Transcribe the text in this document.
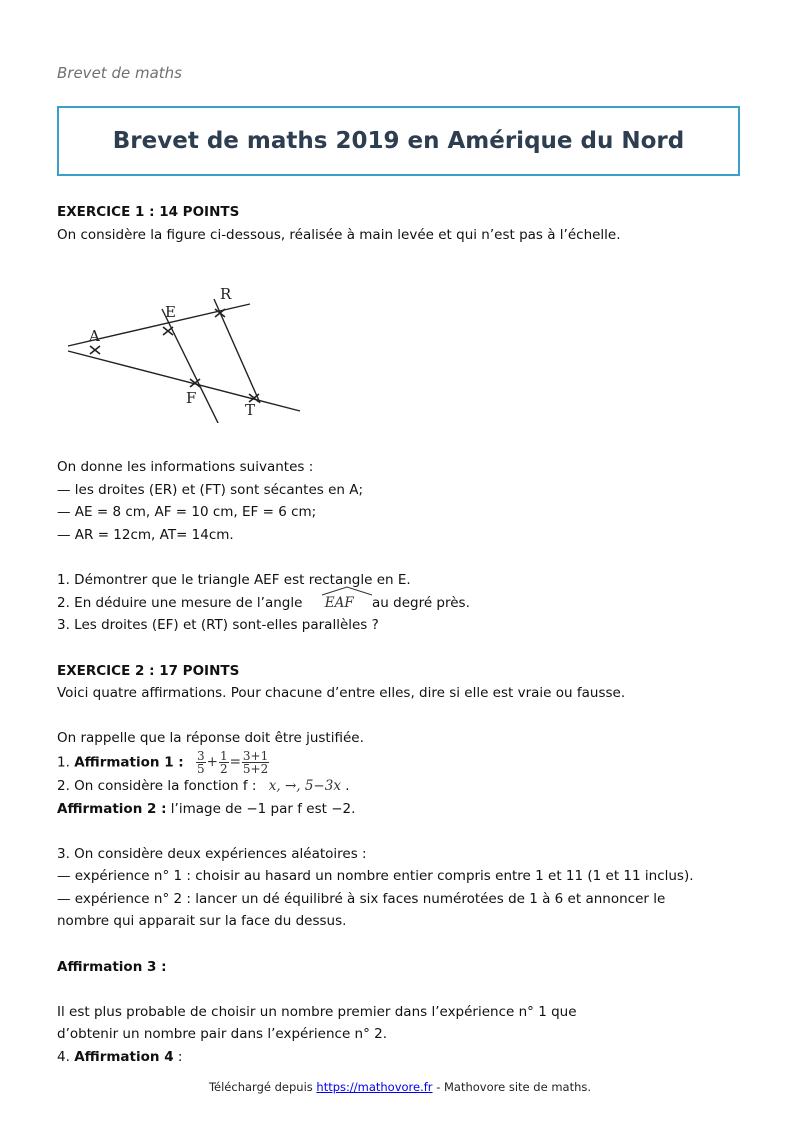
Brevet de maths
Brevet de maths 2019 en Amérique du Nord

EXERCICE 1 : 14 POINTS

On considère la figure ci-dessous, réalisée à main levée et qui n’est pas à l’échelle.

A
E
R
F
T

On donne les informations suivantes :

— les droites (ER) et (FT) sont sécantes en A;

— AE = 8 cm, AF = 10 cm, EF = 6 cm;

— AR = 12cm, AT= 14cm.

1. Démontrer que le triangle AEF est rectangle en E.

2. En déduire une mesure de l’angle EAF au degré près.

3. Les droites (EF) et (RT) sont-elles parallèles ?

EXERCICE 2 : 17 POINTS

Voici quatre affirmations. Pour chacune d’entre elles, dire si elle est vraie ou fausse.

On rappelle que la réponse doit être justifiée.

1. Affirmation 1 : $\frac{3}{5} + \frac{1}{2} = \frac{3+1}{5+2}$

2. On considère la fonction f : x, →, 5−3x .

Affirmation 2 : l’image de −1 par f est −2.

3. On considère deux expériences aléatoires :

— expérience n° 1 : choisir au hasard un nombre entier compris entre 1 et 11 (1 et 11 inclus).

— expérience n° 2 : lancer un dé équilibré à six faces numérotées de 1 à 6 et annoncer le

nombre qui apparait sur la face du dessus.

Affirmation 3 :

Il est plus probable de choisir un nombre premier dans l’expérience n° 1 que

d’obtenir un nombre pair dans l’expérience n° 2.

4. Affirmation 4 :

Téléchargé depuis https://mathovore.fr - Mathovore site de maths.
